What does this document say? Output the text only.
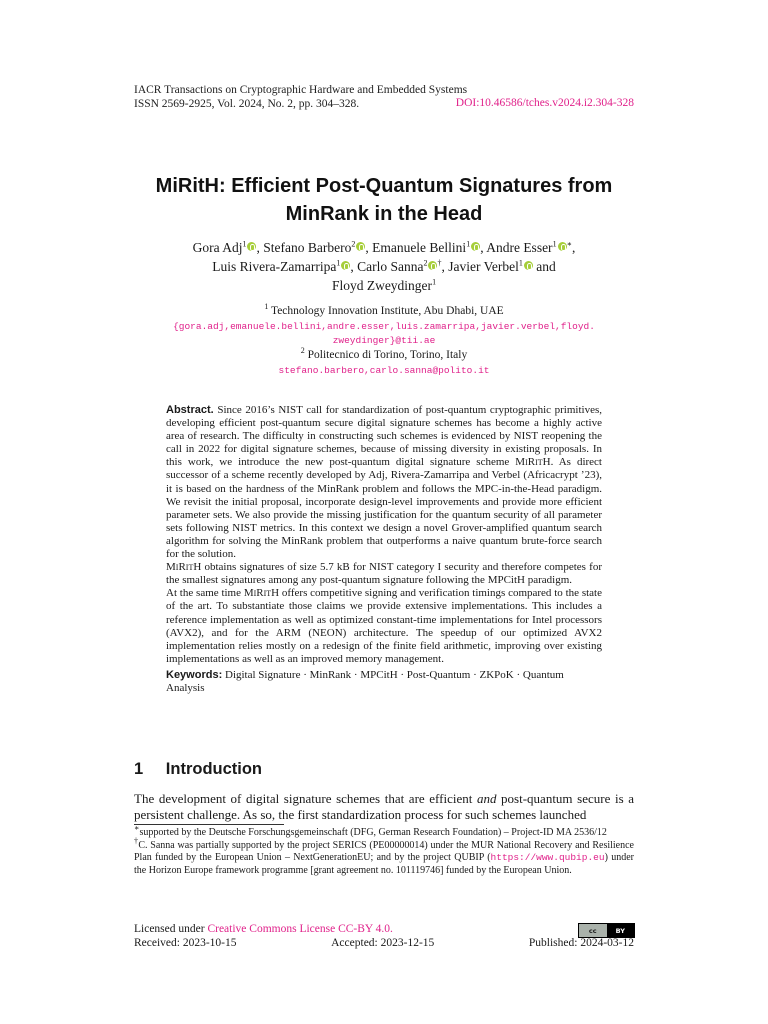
IACR Transactions on Cryptographic Hardware and Embedded Systems
ISSN 2569-2925, Vol. 2024, No. 2, pp. 304–328.	DOI:10.46586/tches.v2024.i2.304-328
MiRitH: Efficient Post-Quantum Signatures from
MinRank in the Head
Gora Adj$^1$ , Stefano Barbero$^2$ , Emanuele Bellini$^1$ , Andre Esser$^1$ ∗,
Luis Rivera-Zamarripa$^1$ , Carlo Sanna$^2$ †, Javier Verbel$^1$ and
Floyd Zweydinger$^1$
$^1$ Technology Innovation Institute, Abu Dhabi, UAE
{gora.adj,emanuele.bellini,andre.esser,luis.zamarripa,javier.verbel,floyd.
zweydinger}@tii.ae
$^2$ Politecnico di Torino, Torino, Italy
stefano.barbero,carlo.sanna@polito.it

Abstract. Since 2016’s NIST call for standardization of post-quantum cryptographic primitives, developing efficient post-quantum secure digital signature schemes has become a highly active area of research. The difficulty in constructing such schemes is evidenced by NIST reopening the call in 2022 for digital signature schemes, because of missing diversity in existing proposals. In this work, we introduce the new post-quantum digital signature scheme MiRitH. As direct successor of a scheme recently developed by Adj, Rivera-Zamarripa and Verbel (Africacrypt ’23), it is based on the hardness of the MinRank problem and follows the MPC-in-the-Head paradigm. We revisit the initial proposal, incorporate design-level improvements and provide more efficient parameter sets. We also provide the missing justification for the quantum security of all parameter sets following NIST metrics. In this context we design a novel Grover-amplified quantum search algorithm for solving the MinRank problem that outperforms a naive quantum brute-force search for the solution.

MiRitH obtains signatures of size 5.7 kB for NIST category I security and therefore competes for the smallest signatures among any post-quantum signature following the MPCitH paradigm.

At the same time MiRitH offers competitive signing and verification timings compared to the state of the art. To substantiate those claims we provide extensive implementations. This includes a reference implementation as well as optimized constant-time implementations for Intel processors (AVX2), and for the ARM (NEON) architecture. The speedup of our optimized AVX2 implementation relies mostly on a redesign of the finite field arithmetic, improving over existing implementations as well as an improved memory management.

Keywords: Digital Signature · MinRank · MPCitH · Post-Quantum · ZKPoK · Quantum Analysis

1 Introduction
The development of digital signature schemes that are efficient and post-quantum secure is a persistent challenge. As so, the first standardization process for such schemes launched

∗supported by the Deutsche Forschungsgemeinschaft (DFG, German Research Foundation) – Project-ID MA 2536/12

†C. Sanna was partially supported by the project SERICS (PE00000014) under the MUR National Recovery and Resilience Plan funded by the European Union – NextGenerationEU; and by the project QUBIP (https://www.qubip.eu) under the Horizon Europe framework programme [grant agreement no. 101119746] funded by the European Union.

Licensed under Creative Commons License CC-BY 4.0.	cc	BY
Received: 2023-10-15	Accepted: 2023-12-15	Published: 2024-03-12
